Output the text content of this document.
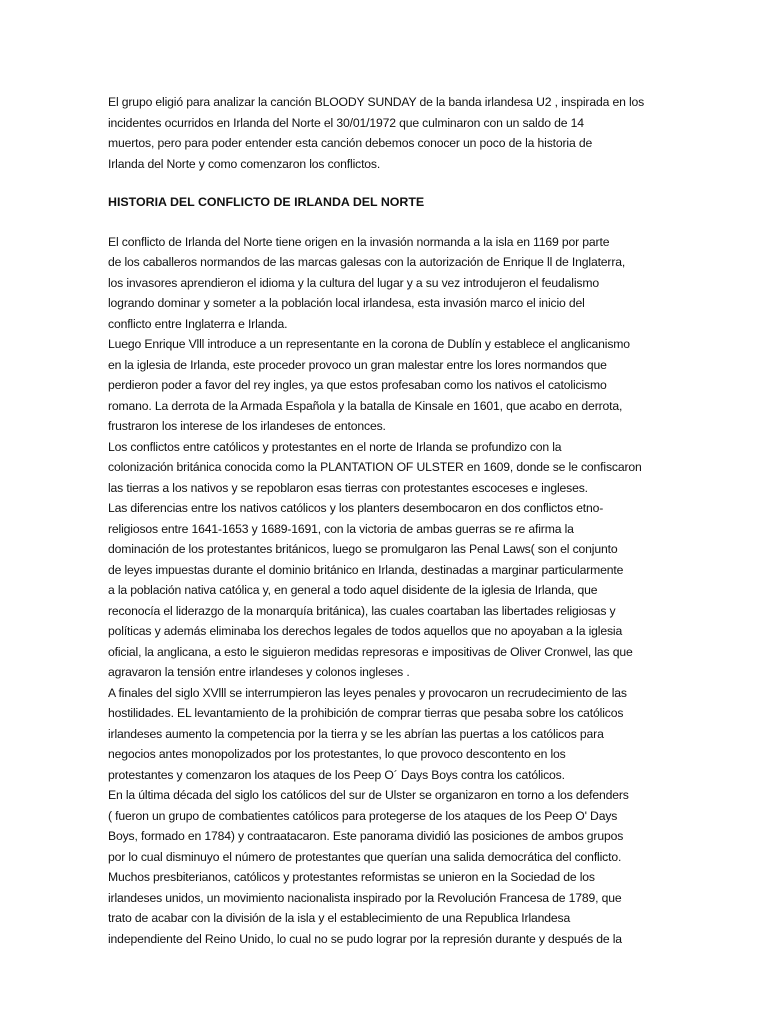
El grupo eligió para analizar la canción BLOODY SUNDAY de la banda irlandesa U2 , inspirada en los
incidentes ocurridos en Irlanda del Norte el 30/01/1972 que culminaron con un saldo de 14
muertos, pero para poder entender esta canción debemos conocer un poco de la historia de
Irlanda del Norte y como comenzaron los conflictos.

HISTORIA DEL CONFLICTO DE IRLANDA DEL NORTE

El conflicto de Irlanda del Norte tiene origen en la invasión normanda a la isla en 1169 por parte
de los caballeros normandos de las marcas galesas con la autorización de Enrique ll de Inglaterra,
los invasores aprendieron el idioma y la cultura del lugar y a su vez introdujeron el feudalismo
logrando dominar y someter a la población local irlandesa, esta invasión marco el inicio del
conflicto entre Inglaterra e Irlanda.
Luego Enrique Vlll introduce a un representante en la corona de Dublín y establece el anglicanismo
en la iglesia de Irlanda, este proceder provoco un gran malestar entre los lores normandos que
perdieron poder a favor del rey ingles, ya que estos profesaban como los nativos el catolicismo
romano. La derrota de la Armada Española y la batalla de Kinsale en 1601, que acabo en derrota,
frustraron los interese de los irlandeses de entonces.
Los conflictos entre católicos y protestantes en el norte de Irlanda se profundizo con la
colonización británica conocida como la PLANTATION OF ULSTER en 1609, donde se le confiscaron
las tierras a los nativos y se repoblaron esas tierras con protestantes escoceses e ingleses.
Las diferencias entre los nativos católicos y los planters desembocaron en dos conflictos etno-
religiosos entre 1641-1653 y 1689-1691, con la victoria de ambas guerras se re afirma la
dominación de los protestantes británicos, luego se promulgaron las Penal Laws( son el conjunto
de leyes impuestas durante el dominio británico en Irlanda, destinadas a marginar particularmente
a la población nativa católica y, en general a todo aquel disidente de la iglesia de Irlanda, que
reconocía el liderazgo de la monarquía británica), las cuales coartaban las libertades religiosas y
políticas y además eliminaba los derechos legales de todos aquellos que no apoyaban a la iglesia
oficial, la anglicana, a esto le siguieron medidas represoras e impositivas de Oliver Cronwel, las que
agravaron la tensión entre irlandeses y colonos ingleses .
A finales del siglo XVlll se interrumpieron las leyes penales y provocaron un recrudecimiento de las
hostilidades. EL levantamiento de la prohibición de comprar tierras que pesaba sobre los católicos
irlandeses aumento la competencia por la tierra y se les abrían las puertas a los católicos para
negocios antes monopolizados por los protestantes, lo que provoco descontento en los
protestantes y comenzaron los ataques de los Peep O´ Days Boys contra los católicos.
En la última década del siglo los católicos del sur de Ulster se organizaron en torno a los defenders
( fueron un grupo de combatientes católicos para protegerse de los ataques de los Peep O' Days
Boys, formado en 1784) y contraatacaron. Este panorama dividió las posiciones de ambos grupos
por lo cual disminuyo el número de protestantes que querían una salida democrática del conflicto.
Muchos presbiterianos, católicos y protestantes reformistas se unieron en la Sociedad de los
irlandeses unidos, un movimiento nacionalista inspirado por la Revolución Francesa de 1789, que
trato de acabar con la división de la isla y el establecimiento de una Republica Irlandesa
independiente del Reino Unido, lo cual no se pudo lograr por la represión durante y después de la
